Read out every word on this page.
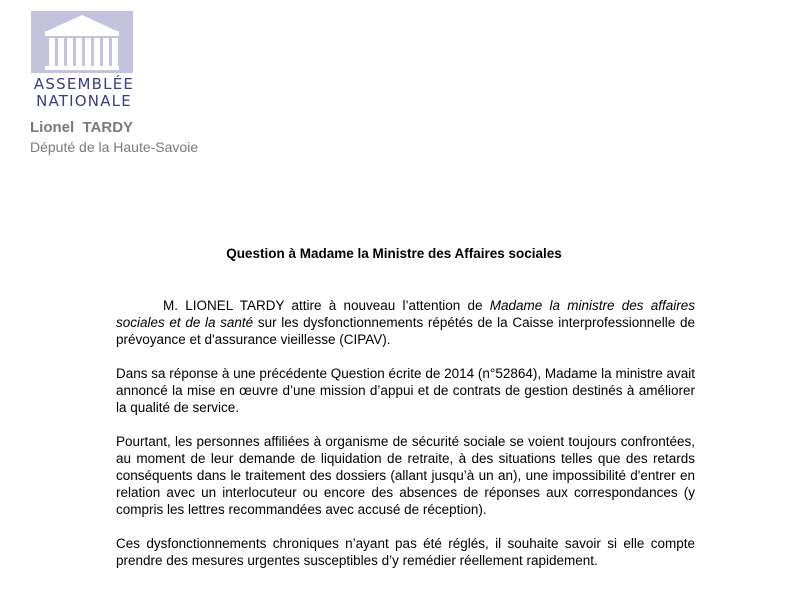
ASSEMBLÉE
NATIONALE
Lionel  TARDY
Député de la Haute-Savoie
Question à Madame la Ministre des Affaires sociales

M. LIONEL TARDY attire à nouveau l’attention de Madame la ministre des affaires sociales et de la santé sur les dysfonctionnements répétés de la Caisse interprofessionnelle de prévoyance et d'assurance vieillesse (CIPAV).

Dans sa réponse à une précédente Question écrite de 2014 (n°52864), Madame la ministre avait annoncé la mise en œuvre d’une mission d’appui et de contrats de gestion destinés à améliorer la qualité de service.

Pourtant, les personnes affiliées à organisme de sécurité sociale se voient toujours confrontées, au moment de leur demande de liquidation de retraite, à des situations telles que des retards conséquents dans le traitement des dossiers (allant jusqu’à un an), une impossibilité d'entrer en relation avec un interlocuteur ou encore des absences de réponses aux correspondances (y compris les lettres recommandées avec accusé de réception).

Ces dysfonctionnements chroniques n’ayant pas été réglés, il souhaite savoir si elle compte prendre des mesures urgentes susceptibles d’y remédier réellement rapidement.
